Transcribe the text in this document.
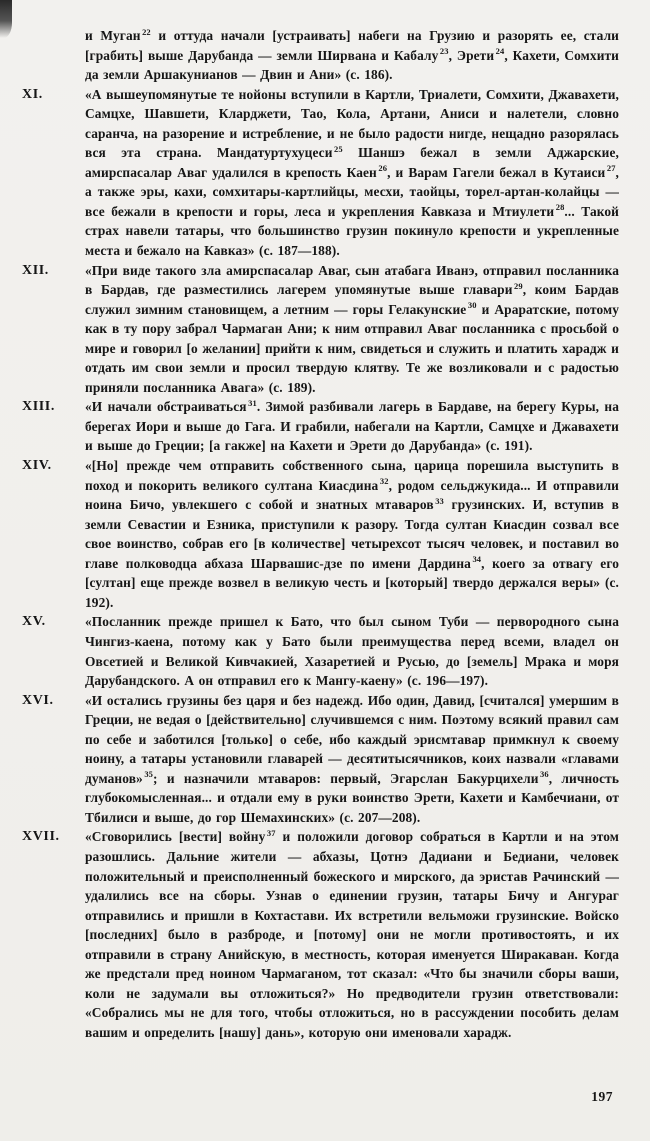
и Муган $^{22}$ и оттуда начали [устраивать] набеги на Грузию и разорять ее, стали [грабить] выше Дарубанда — земли Ширвана и Кабалу $^{23}$, Эрети $^{24}$, Кахети, Сомхити да земли Аршакунианов — Двин и Ани» (с. 186).
XI.	«А вышеупомянутые те нойоны вступили в Картли, Триалети, Сомхити, Джавахети, Самцхе, Шавшети, Кларджети, Тао, Кола, Артани, Аниси и налетели, словно саранча, на разорение и истребление, и не было радости нигде, нещадно разорялась вся эта страна. Мандатуртухуцеси $^{25}$ Шаншэ бежал в земли Аджарские, амирспасалар Аваг удалился в крепость Каен $^{26}$, и Варам Гагели бежал в Кутаиси $^{27}$, а также эры, кахи, сомхитары-картлийцы, месхи, таойцы, торел-артан-колайцы — все бежали в крепости и горы, леса и укрепления Кавказа и Мтиулети $^{28}$... Такой страх навели татары, что большинство грузин покинуло крепости и укрепленные места и бежало на Кавказ» (с. 187—188).
XII.	«При виде такого зла амирспасалар Аваг, сын атабага Иванэ, отправил посланника в Бардав, где разместились лагерем упомянутые выше главари $^{29}$, коим Бардав служил зимним становищем, а летним — горы Гелакунские $^{30}$ и Араратские, потому как в ту пору забрал Чармаган Ани; к ним отправил Аваг посланника с просьбой о мире и говорил [о желании] прийти к ним, свидеться и служить и платить харадж и отдать им свои земли и просил твердую клятву. Те же возликовали и с радостью приняли посланника Авага» (с. 189).
XIII.	«И начали обстраиваться $^{31}$. Зимой разбивали лагерь в Бардаве, на берегу Куры, на берегах Иори и выше до Гага. И грабили, набегали на Картли, Самцхе и Джавахети и выше до Греции; [а гакже] на Кахети и Эрети до Дарубанда» (с. 191).
XIV.	«[Но] прежде чем отправить собственного сына, царица порешила выступить в поход и покорить великого султана Киасдина $^{32}$, родом сельджукида... И отправили ноина Бичо, увлекшего с собой и знатных мтаваров $^{33}$ грузинских. И, вступив в земли Севастии и Езника, приступили к разору. Тогда султан Киасдин созвал все свое воинство, собрав его [в количестве] четырехсот тысяч человек, и поставил во главе полководца абхаза Шарвашис-дзе по имени Дардина $^{34}$, коего за отвагу его [султан] еще прежде возвел в великую честь и [который] твердо держался веры» (с. 192).
XV.	«Посланник прежде пришел к Бато, что был сыном Туби — первородного сына Чингиз-каена, потому как у Бато были преимущества перед всеми, владел он Овсетией и Великой Кивчакией, Хазаретией и Русью, до [земель] Мрака и моря Дарубандского. А он отправил его к Мангу-каену» (с. 196—197).
XVI.	«И остались грузины без царя и без надежд. Ибо один, Давид, [считался] умершим в Греции, не ведая о [действительно] случившемся с ним. Поэтому всякий правил сам по себе и заботился [только] о себе, ибо каждый эрисмтавар примкнул к своему ноину, а татары установили главарей — десятитысячников, коих назвали «главами думанов» $^{35}$; и назначили мтаваров: первый, Эгарслан Бакурцихели $^{36}$, личность глубокомысленная... и отдали ему в руки воинство Эрети, Кахети и Камбечиани, от Тбилиси и выше, до гор Шемахинских» (с. 207—208).
XVII.	«Сговорились [вести] войну $^{37}$ и положили договор собраться в Картли и на этом разошлись. Дальние жители — абхазы, Цотнэ Дадиани и Бедиани, человек положительный и преисполненный божеского и мирского, да эристав Рачинский — удалились все на сборы. Узнав о единении грузин, татары Бичу и Ангураг отправились и пришли в Кохтастави. Их встретили вельможи грузинские. Войско [последних] было в разброде, и [потому] они не могли противостоять, и их отправили в страну Анийскую, в местность, которая именуется Ширакаван. Когда же предстали пред ноином Чармаганом, тот сказал: «Что бы значили сборы ваши, коли не задумали вы отложиться?» Но предводители грузин ответствовали: «Собрались мы не для того, чтобы отложиться, но в рассуждении пособить делам вашим и определить [нашу] дань», которую они именовали харадж.
197
